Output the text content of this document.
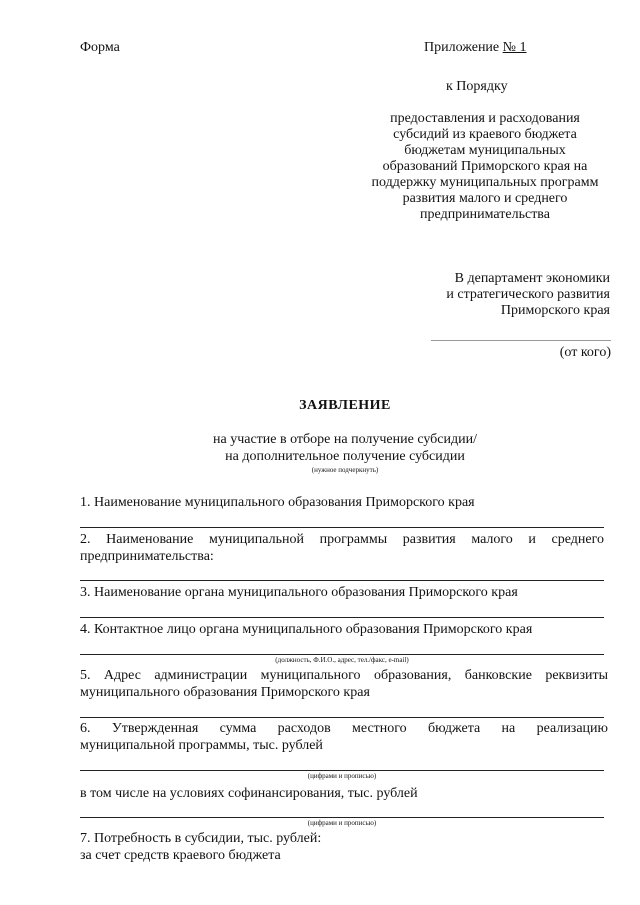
Форма	Приложение № 1
к Порядку
предоставления и расходования
субсидий из краевого бюджета
бюджетам муниципальных
образований Приморского края на
поддержку муниципальных программ
развития малого и среднего
предпринимательства
В департамент экономики
и стратегического развития
Приморского края
(от кого)
ЗАЯВЛЕНИЕ
на участие в отборе на получение субсидии/
на дополнительное получение субсидии
(нужное подчеркнуть)
1. Наименование муниципального образования Приморского края
2. Наименование муниципальной программы развития малого и среднего
предпринимательства:
3. Наименование органа муниципального образования Приморского края
4. Контактное лицо органа муниципального образования Приморского края
(должность, Ф.И.О., адрес, тел./факс, e-mail)
5. Адрес администрации муниципального образования, банковские реквизиты
муниципального образования Приморского края
6. Утвержденная сумма расходов местного бюджета на реализацию
муниципальной программы, тыс. рублей
(цифрами и прописью)
в том числе на условиях софинансирования, тыс. рублей
(цифрами и прописью)
7. Потребность в субсидии, тыс. рублей:
за счет средств краевого бюджета
